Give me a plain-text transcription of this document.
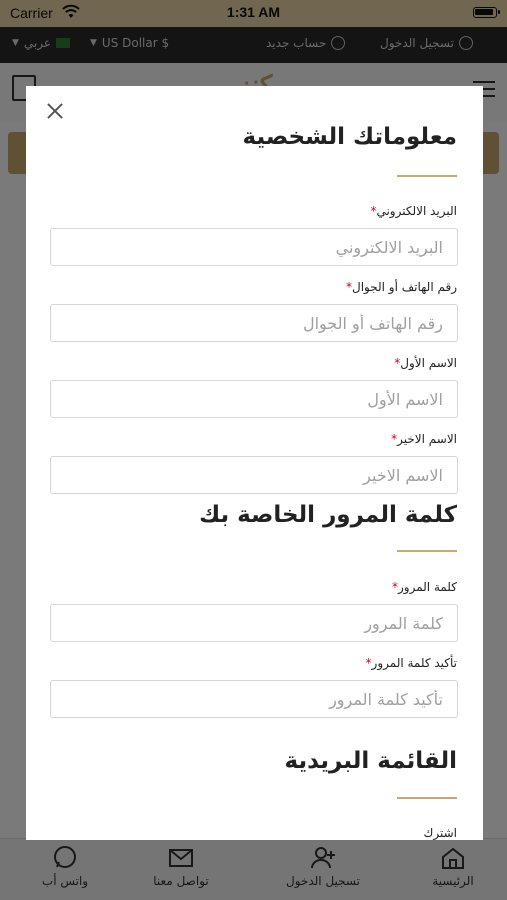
معلوماتك الشخصية
البريد الالكتروني*
البريد الالكتروني
رقم الهاتف أو الجوال*
رقم الهاتف أو الجوال
الاسم الأول*
الاسم الأول
الاسم الاخير*
الاسم الاخير
كلمة المرور الخاصة بك
كلمة المرور*
تأكيد كلمة المرور*
القائمة البريدية
اشترك
